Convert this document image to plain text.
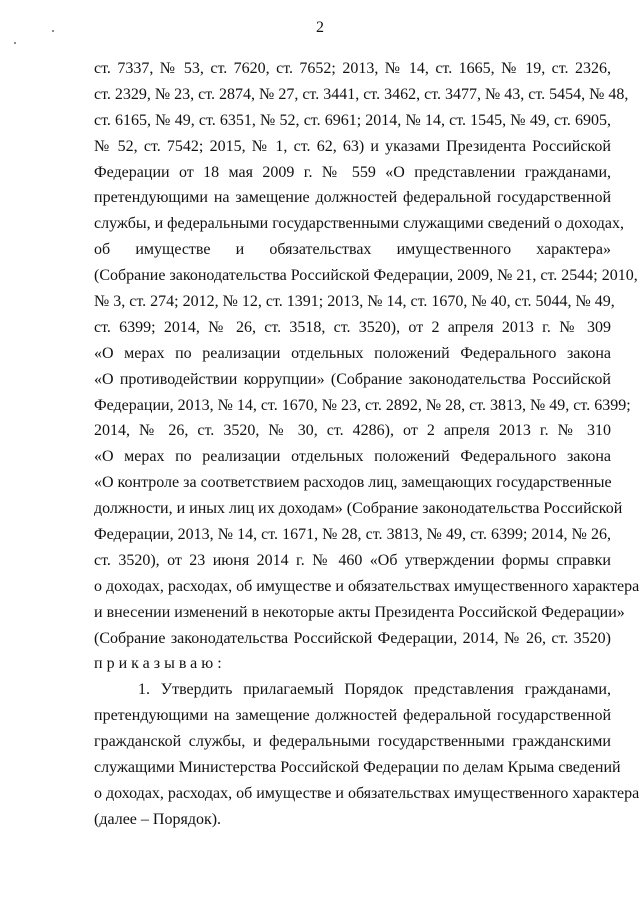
2
ст. 7337, № 53, ст. 7620, ст. 7652; 2013, № 14, ст. 1665, № 19, ст. 2326,
ст. 2329, № 23, ст. 2874, № 27, ст. 3441, ст. 3462, ст. 3477, № 43, ст. 5454, № 48,
ст. 6165, № 49, ст. 6351, № 52, ст. 6961; 2014, № 14, ст. 1545, № 49, ст. 6905,
№ 52, ст. 7542; 2015, № 1, ст. 62, 63) и указами Президента Российской
Федерации от 18 мая 2009 г. № 559 «О представлении гражданами,
претендующими на замещение должностей федеральной государственной
службы, и федеральными государственными служащими сведений о доходах,
об имуществе и обязательствах имущественного характера»
(Собрание законодательства Российской Федерации, 2009, № 21, ст. 2544; 2010,
№ 3, ст. 274; 2012, № 12, ст. 1391; 2013, № 14, ст. 1670, № 40, ст. 5044, № 49,
ст. 6399; 2014, № 26, ст. 3518, ст. 3520), от 2 апреля 2013 г. № 309
«О мерах по реализации отдельных положений Федерального закона
«О противодействии коррупции» (Собрание законодательства Российской
Федерации, 2013, № 14, ст. 1670, № 23, ст. 2892, № 28, ст. 3813, № 49, ст. 6399;
2014, № 26, ст. 3520, № 30, ст. 4286), от 2 апреля 2013 г. № 310
«О мерах по реализации отдельных положений Федерального закона
«О контроле за соответствием расходов лиц, замещающих государственные
должности, и иных лиц их доходам» (Собрание законодательства Российской
Федерации, 2013, № 14, ст. 1671, № 28, ст. 3813, № 49, ст. 6399; 2014, № 26,
ст. 3520), от 23 июня 2014 г. № 460 «Об утверждении формы справки
о доходах, расходах, об имуществе и обязательствах имущественного характера
и внесении изменений в некоторые акты Президента Российской Федерации»
(Собрание законодательства Российской Федерации, 2014, № 26, ст. 3520)
приказываю:
1. Утвердить прилагаемый Порядок представления гражданами,
претендующими на замещение должностей федеральной государственной
гражданской службы, и федеральными государственными гражданскими
служащими Министерства Российской Федерации по делам Крыма сведений
о доходах, расходах, об имуществе и обязательствах имущественного характера
(далее – Порядок).
